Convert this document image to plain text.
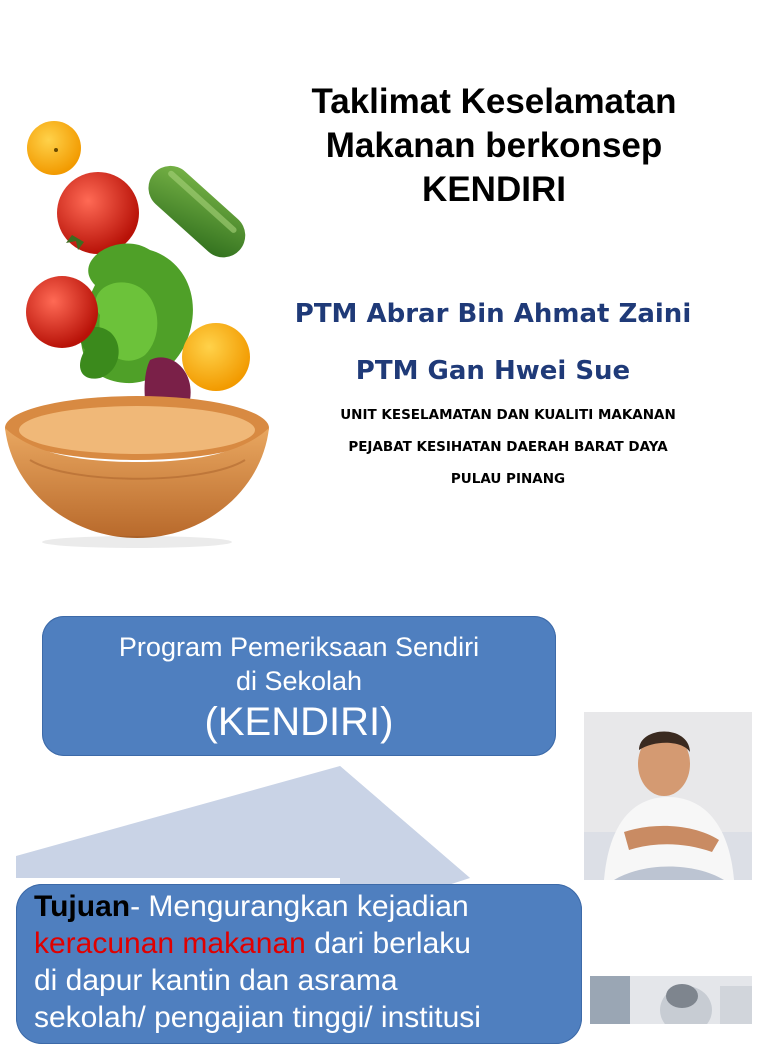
Taklimat Keselamatan
Makanan berkonsep
KENDIRI
PTM Abrar Bin Ahmat Zaini
PTM Gan Hwei Sue
UNIT KESELAMATAN DAN KUALITI MAKANAN
PEJABAT KESIHATAN DAERAH BARAT DAYA
PULAU PINANG
Program Pemeriksaan Sendiri
di Sekolah
(KENDIRI)
Tujuan- Mengurangkan kejadian
keracunan makanan dari berlaku
di dapur kantin dan asrama
sekolah/ pengajian tinggi/ institusi
